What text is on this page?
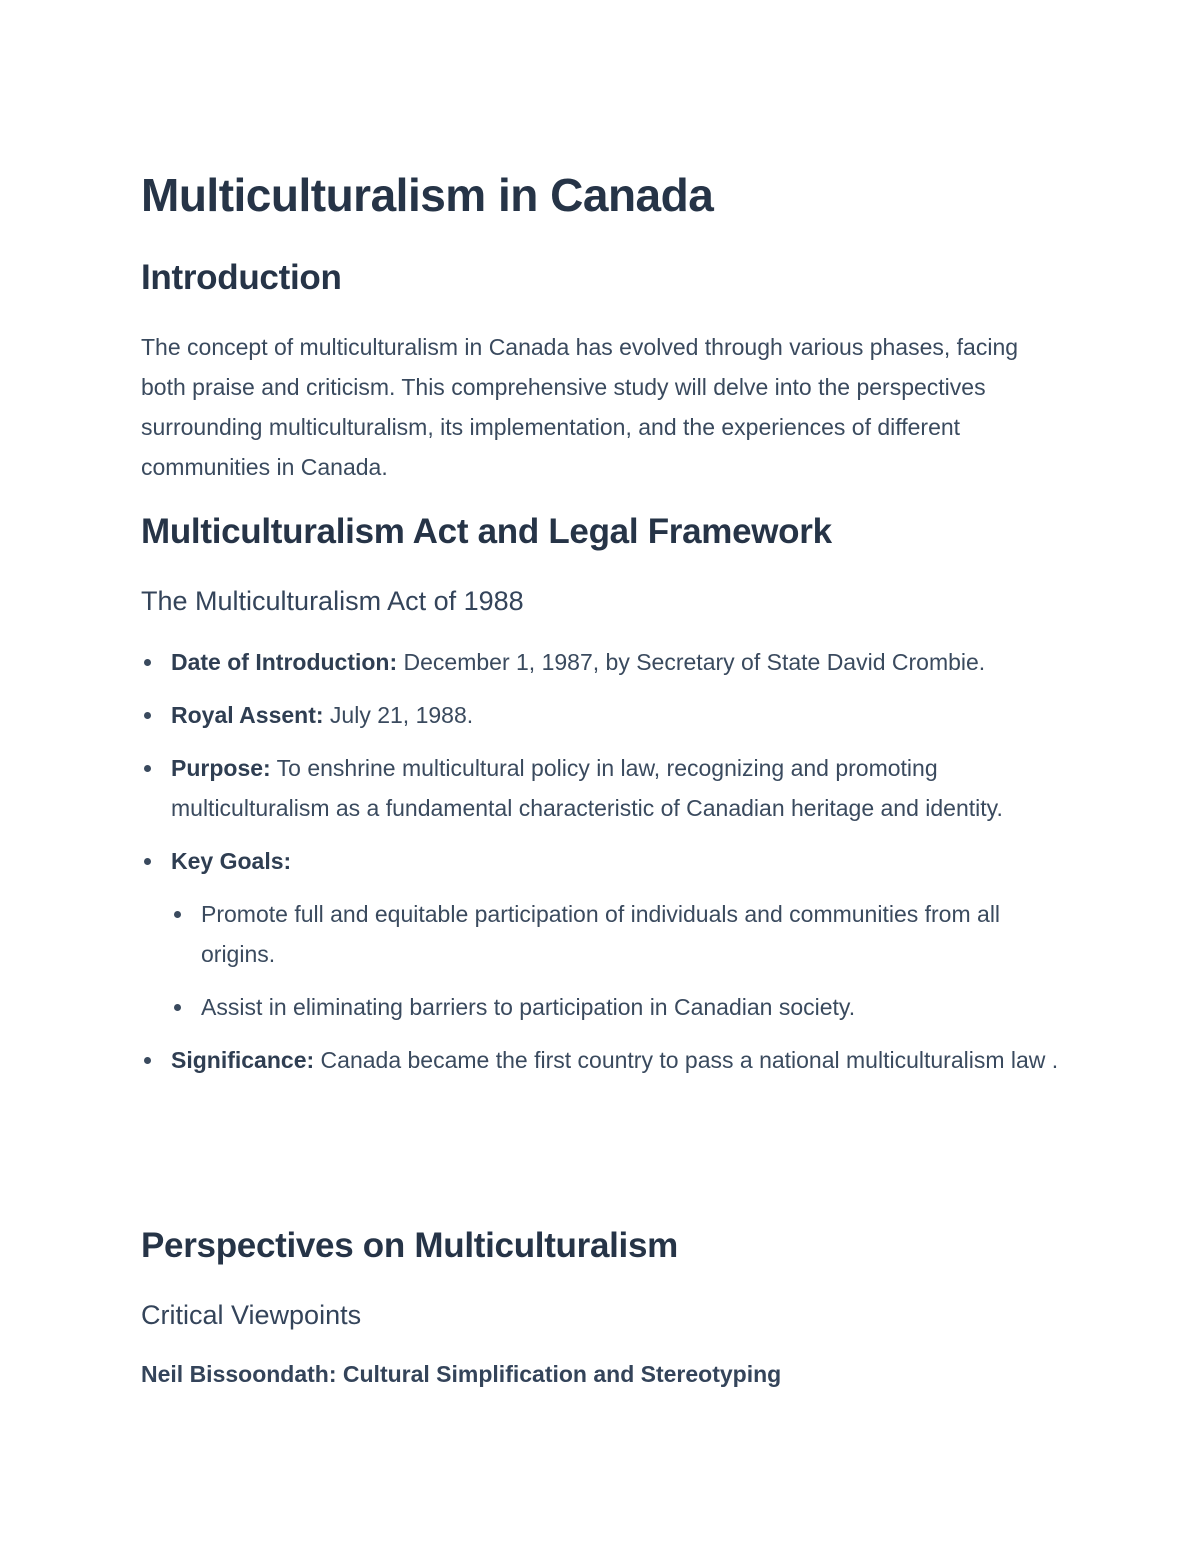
Multiculturalism in Canada
Introduction

The concept of multiculturalism in Canada has evolved through various phases, facing both praise and criticism. This comprehensive study will delve into the perspectives surrounding multiculturalism, its implementation, and the experiences of different communities in Canada.

Multiculturalism Act and Legal Framework
The Multiculturalism Act of 1988
Date of Introduction: December 1, 1987, by Secretary of State David Crombie.
Royal Assent: July 21, 1988.
Purpose: To enshrine multicultural policy in law, recognizing and promoting multiculturalism as a fundamental characteristic of Canadian heritage and identity.
Key Goals:
Promote full and equitable participation of individuals and communities from all origins.
Assist in eliminating barriers to participation in Canadian society.
Significance: Canada became the first country to pass a national multiculturalism law .
Perspectives on Multiculturalism
Critical Viewpoints
Neil Bissoondath: Cultural Simplification and Stereotyping
